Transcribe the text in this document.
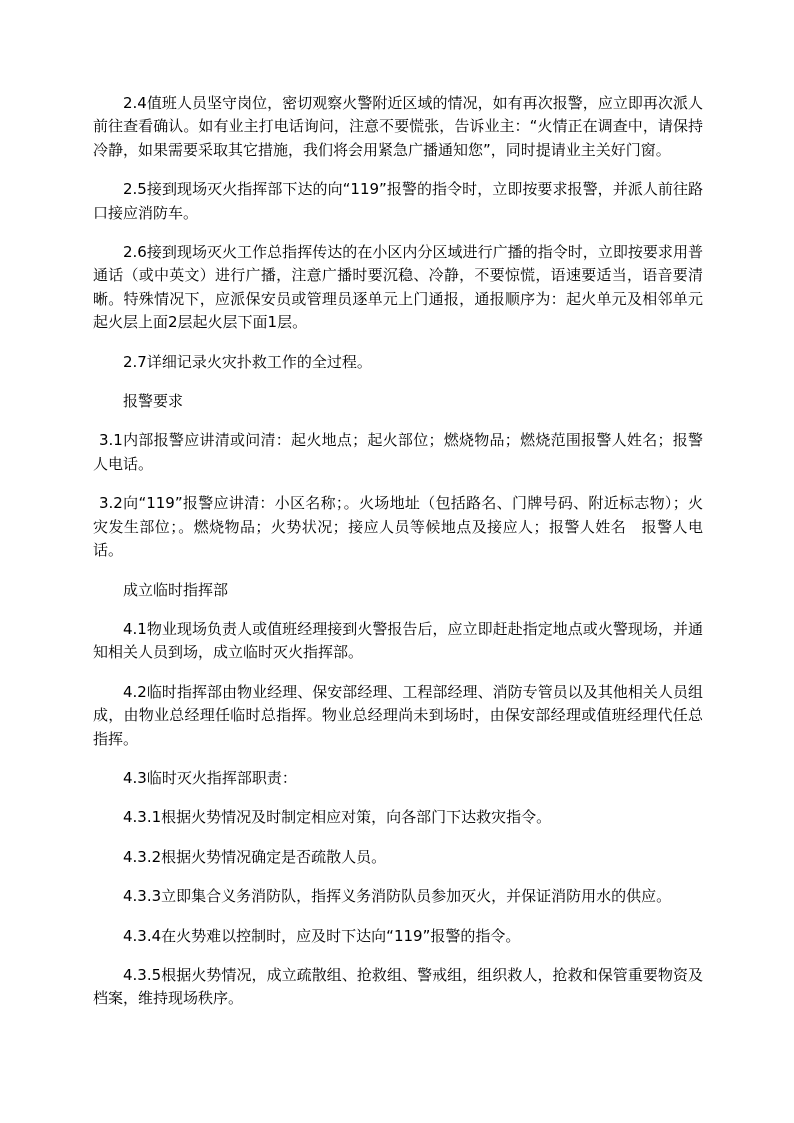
2.4值班人员坚守岗位，密切观察火警附近区域的情况，如有再次报警，应立即再次派人前往查看确认。如有业主打电话询问，注意不要慌张，告诉业主：“火情正在调查中，请保持冷静，如果需要采取其它措施，我们将会用紧急广播通知您”，同时提请业主关好门窗。

2.5接到现场灭火指挥部下达的向“119”报警的指令时，立即按要求报警，并派人前往路口接应消防车。

2.6接到现场灭火工作总指挥传达的在小区内分区域进行广播的指令时，立即按要求用普通话（或中英文）进行广播，注意广播时要沉稳、冷静，不要惊慌，语速要适当，语音要清晰。特殊情况下，应派保安员或管理员逐单元上门通报，通报顺序为：起火单元及相邻单元起火层上面2层起火层下面1层。

2.7详细记录火灾扑救工作的全过程。

报警要求

3.1内部报警应讲清或问清：起火地点；起火部位；燃烧物品；燃烧范围报警人姓名；报警人电话。

3.2向“119”报警应讲清：小区名称；。火场地址（包括路名、门牌号码、附近标志物）；火灾发生部位；。燃烧物品；火势状况；接应人员等候地点及接应人；报警人姓名　报警人电话。

成立临时指挥部

4.1物业现场负责人或值班经理接到火警报告后，应立即赶赴指定地点或火警现场，并通知相关人员到场，成立临时灭火指挥部。

4.2临时指挥部由物业经理、保安部经理、工程部经理、消防专管员以及其他相关人员组成，由物业总经理任临时总指挥。物业总经理尚未到场时，由保安部经理或值班经理代任总指挥。

4.3临时灭火指挥部职责：

4.3.1根据火势情况及时制定相应对策，向各部门下达救灾指令。

4.3.2根据火势情况确定是否疏散人员。

4.3.3立即集合义务消防队，指挥义务消防队员参加灭火，并保证消防用水的供应。

4.3.4在火势难以控制时，应及时下达向“119”报警的指令。

4.3.5根据火势情况，成立疏散组、抢救组、警戒组，组织救人，抢救和保管重要物资及档案，维持现场秩序。
